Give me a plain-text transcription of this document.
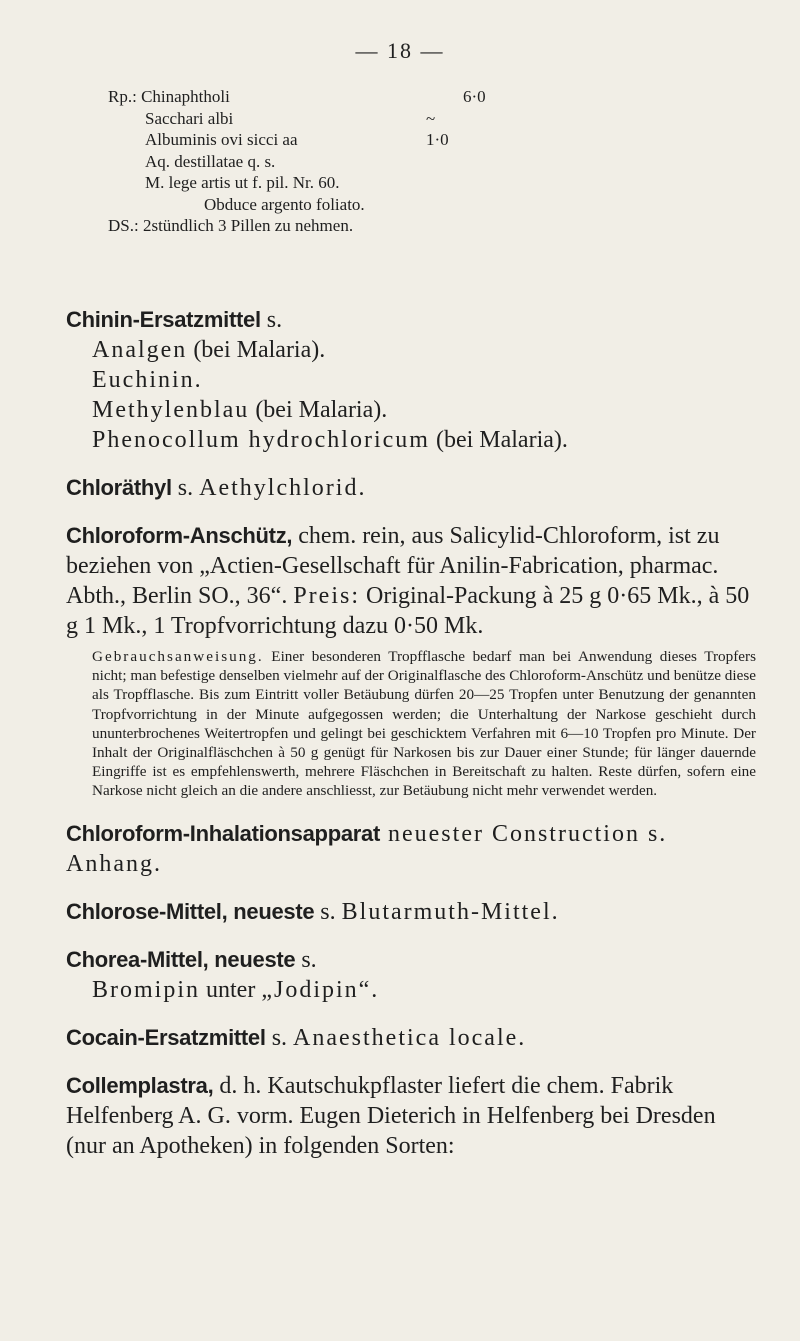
— 18 —
Rp.: Chinaphtholi	6·0
Sacchari albi	~
Albuminis ovi sicci aa	1·0
Aq. destillatae q. s.
M. lege artis ut f. pil. Nr. 60.
Obduce argento foliato.
DS.: 2stündlich 3 Pillen zu nehmen.
Chinin-Ersatzmittel s.
Analgen (bei Malaria).
Euchinin.
Methylenblau (bei Malaria).
Phenocollum hydrochloricum (bei Malaria).
Chloräthyl s. Aethylchlorid.
Chloroform-Anschütz, chem. rein, aus Salicylid-Chloroform, ist zu beziehen von „Actien-Gesellschaft für Anilin-Fabrication, pharmac. Abth., Berlin SO., 36“. Preis: Original-Packung à 25 g 0·65 Mk., à 50 g 1 Mk., 1 Tropfvorrichtung dazu 0·50 Mk.
Gebrauchsanweisung. Einer besonderen Tropfflasche bedarf man bei Anwendung dieses Tropfers nicht; man befestige denselben vielmehr auf der Originalflasche des Chloroform-Anschütz und benütze diese als Tropfflasche. Bis zum Eintritt voller Betäubung dürfen 20—25 Tropfen unter Benutzung der genannten Tropfvorrichtung in der Minute aufgegossen werden; die Unterhaltung der Narkose geschieht durch ununterbrochenes Weitertropfen und gelingt bei geschicktem Verfahren mit 6—10 Tropfen pro Minute. Der Inhalt der Originalfläschchen à 50 g genügt für Narkosen bis zur Dauer einer Stunde; für länger dauernde Eingriffe ist es empfehlenswerth, mehrere Fläschchen in Bereitschaft zu halten. Reste dürfen, sofern eine Narkose nicht gleich an die andere anschliesst, zur Betäubung nicht mehr verwendet werden.
Chloroform-Inhalationsapparat neuester Construction s. Anhang.
Chlorose-Mittel, neueste s. Blutarmuth-Mittel.
Chorea-Mittel, neueste s.
Bromipin unter „Jodipin“.
Cocain-Ersatzmittel s. Anaesthetica locale.
Collemplastra, d. h. Kautschukpflaster liefert die chem. Fabrik Helfenberg A. G. vorm. Eugen Dieterich in Helfenberg bei Dresden (nur an Apotheken) in folgenden Sorten:
